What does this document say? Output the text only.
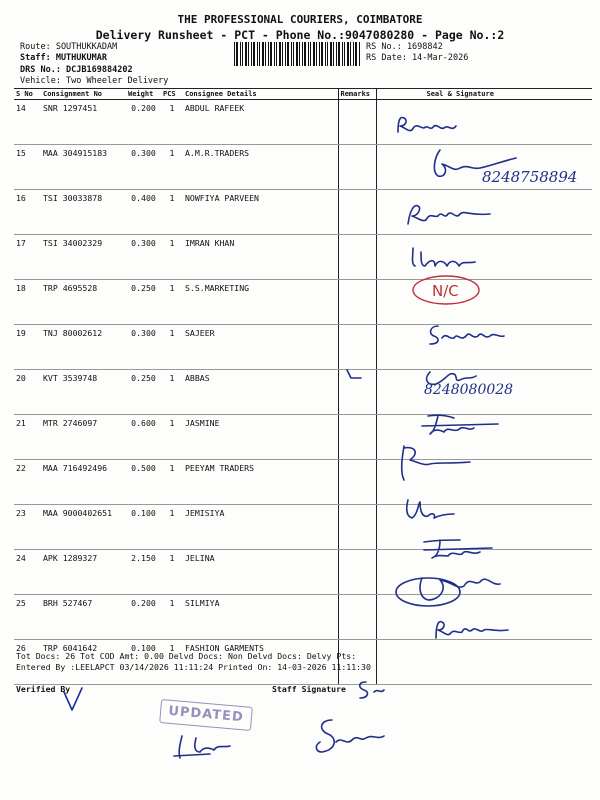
THE PROFESSIONAL COURIERS, COIMBATORE
Delivery Runsheet - PCT - Phone No.:9047080280 - Page No.:2
Route: SOUTHUKKADAM
Staff: MUTHUKUMAR
DRS No.: DCJB169884202
Vehicle: Two Wheeler Delivery
RS No.: 1698842
RS Date: 14-Mar-2026
S No	Consignment No	Weight	PCS	Consignee Details	Remarks	Seal & Signature
14	SNR 1297451	0.200	1	ABDUL RAFEEK		
15	MAA 304915183	0.300	1	A.M.R.TRADERS		
16	TSI 30033878	0.400	1	NOWFIYA PARVEEN		
17	TSI 34002329	0.300	1	IMRAN KHAN		
18	TRP 4695528	0.250	1	S.S.MARKETING		
19	TNJ 80002612	0.300	1	SAJEER		
20	KVT 3539748	0.250	1	ABBAS		
21	MTR 2746097	0.600	1	JASMINE		
22	MAA 716492496	0.500	1	PEEYAM TRADERS		
23	MAA 9000402651	0.100	1	JEMISIYA		
24	APK 1289327	2.150	1	JELINA		
25	BRH 527467	0.200	1	SILMIYA		
26	TRP 6041642	0.100	1	FASHION GARMENTS		
8248758894
N/C
8248080028
Tot Docs: 26 Tot COD Amt: 0.00 Delvd Docs: Non Delvd Docs: Delvy Pts:
Entered By :LEELAPCT 03/14/2026 11:11:24 Printed On: 14-03-2026 11:11:30
Verified By	Staff Signature
UPDATED
